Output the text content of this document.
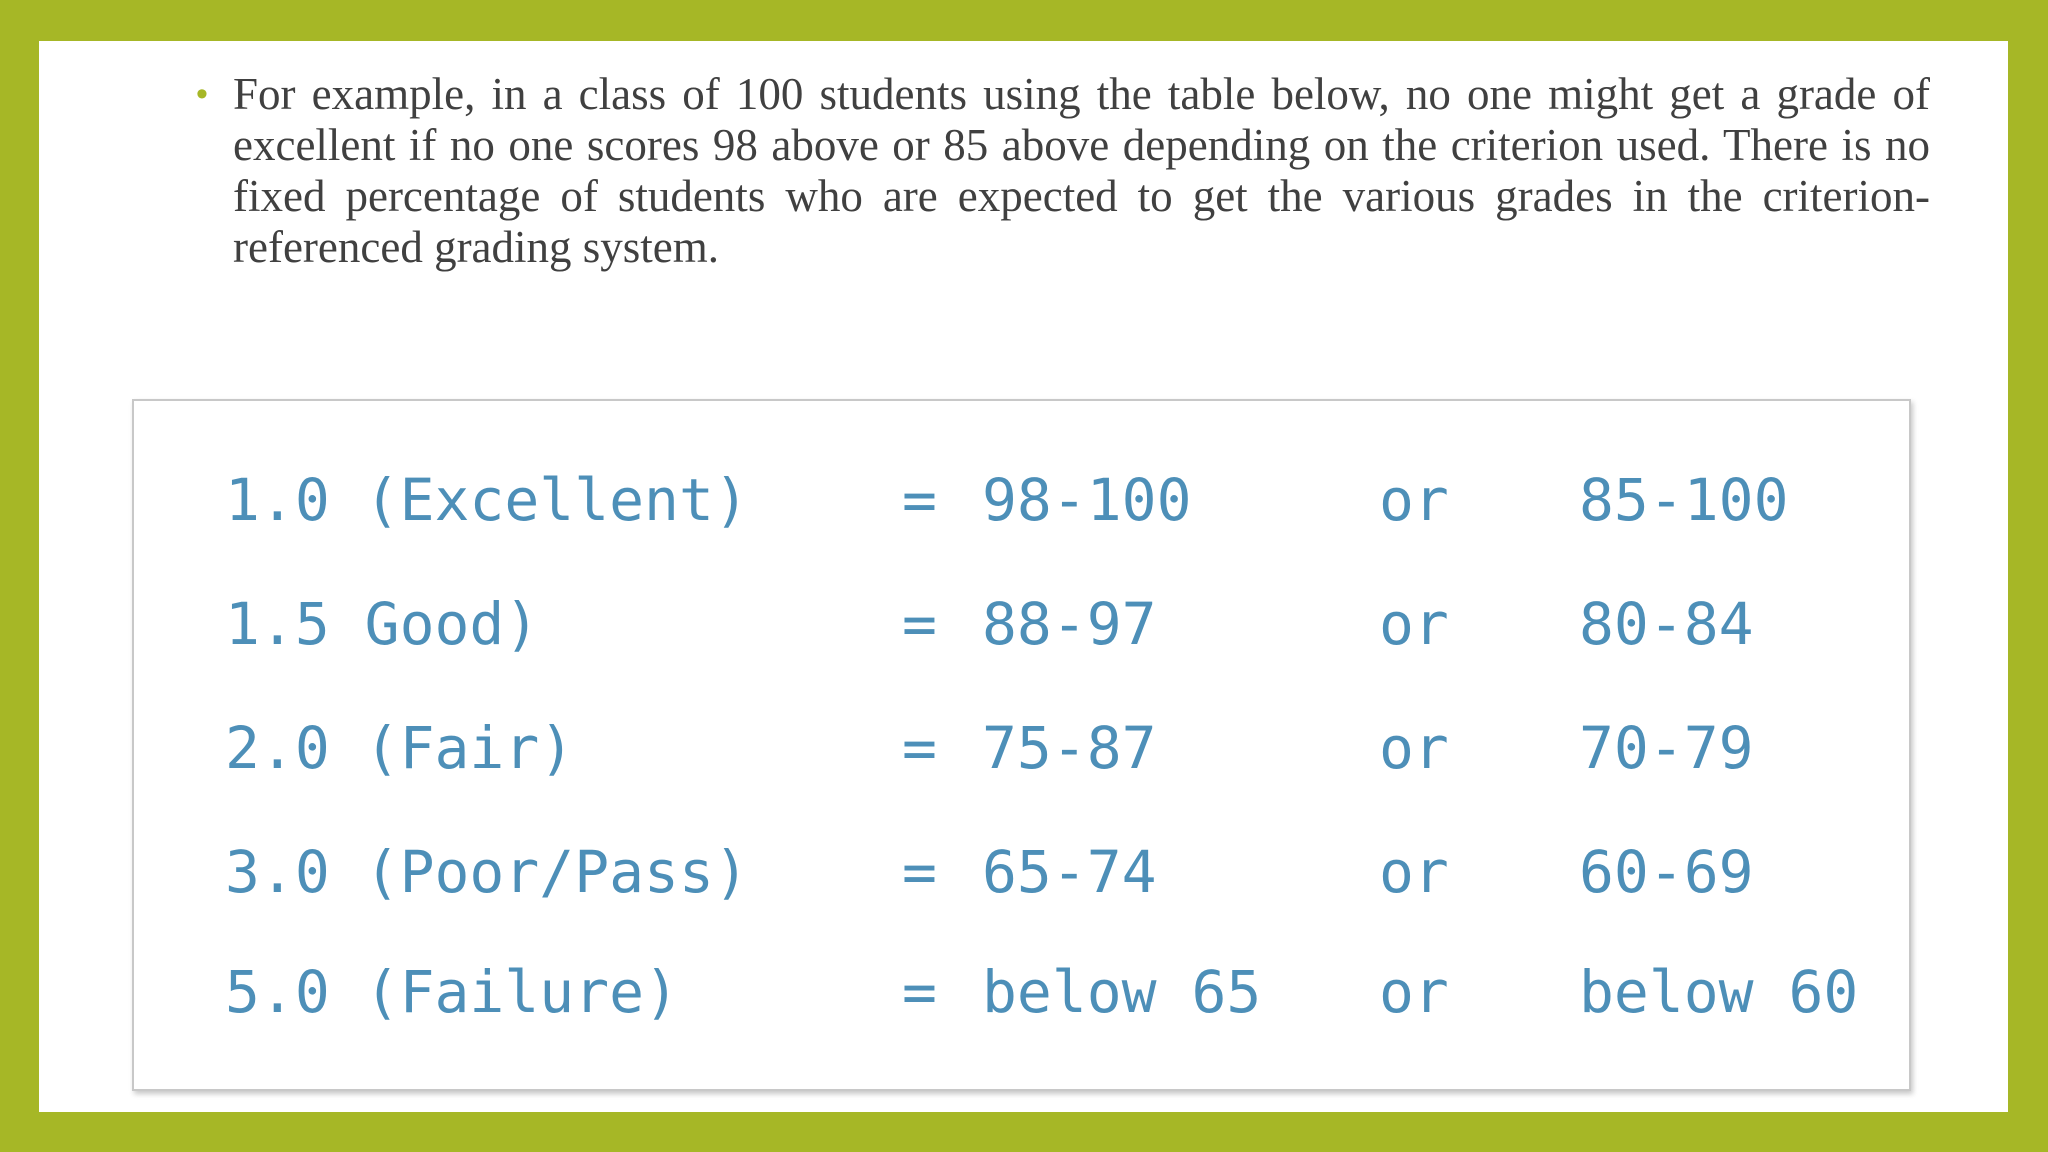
• For example, in a class of 100 students using the table below, no one might get a grade of excellent if no one scores 98 above or 85 above depending on the criterion used. There is no fixed percentage of students who are expected to get the various grades in the criterion-referenced grading system.
1.0 (Excellent)	= 98-100	or 85-100
1.5 Good)	= 88-97	or 80-84
2.0 (Fair)	= 75-87	or 70-79
3.0 (Poor/Pass)	= 65-74	or 60-69
5.0 (Failure)	= below 65 or below 60
